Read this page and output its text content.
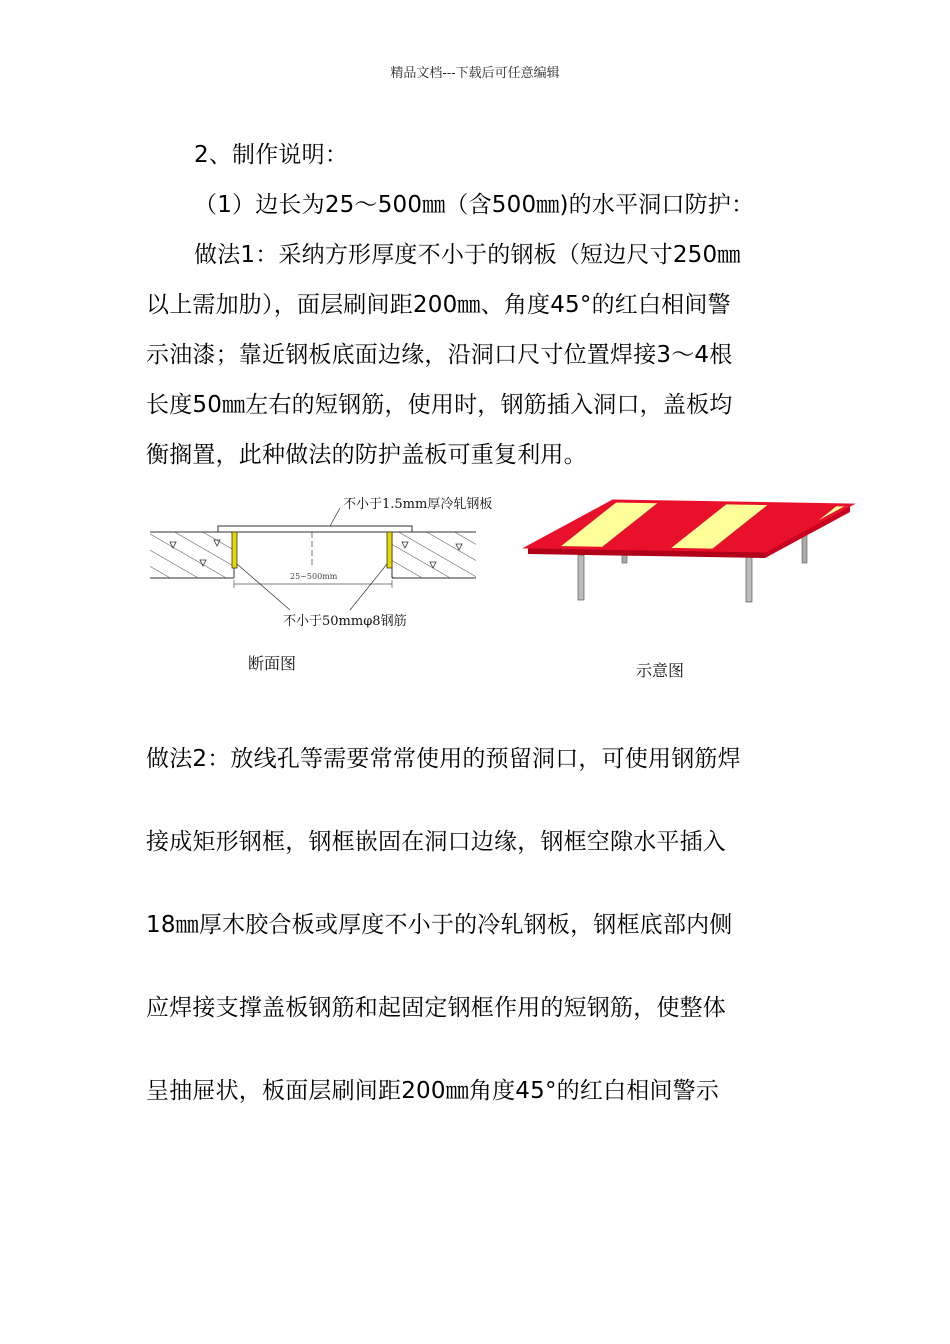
精品文档---下载后可任意编辑
2、制作说明：
（1）边长为25～500㎜（含500㎜)的水平洞口防护：
做法1：采纳方形厚度不小于的钢板（短边尺寸250㎜
以上需加肋），面层刷间距200㎜、角度45°的红白相间警
示油漆；靠近钢板底面边缘，沿洞口尺寸位置焊接3～4根
长度50㎜左右的短钢筋，使用时，钢筋插入洞口，盖板均
衡搁置，此种做法的防护盖板可重复利用。
不小于1.5mm厚冷轧钢板
25~500mm
不小于50mmφ8钢筋
断面图	示意图
做法2：放线孔等需要常常使用的预留洞口，可使用钢筋焊
接成矩形钢框，钢框嵌固在洞口边缘，钢框空隙水平插入
18㎜厚木胶合板或厚度不小于的冷轧钢板，钢框底部内侧
应焊接支撑盖板钢筋和起固定钢框作用的短钢筋，使整体
呈抽屉状，板面层刷间距200㎜角度45°的红白相间警示
